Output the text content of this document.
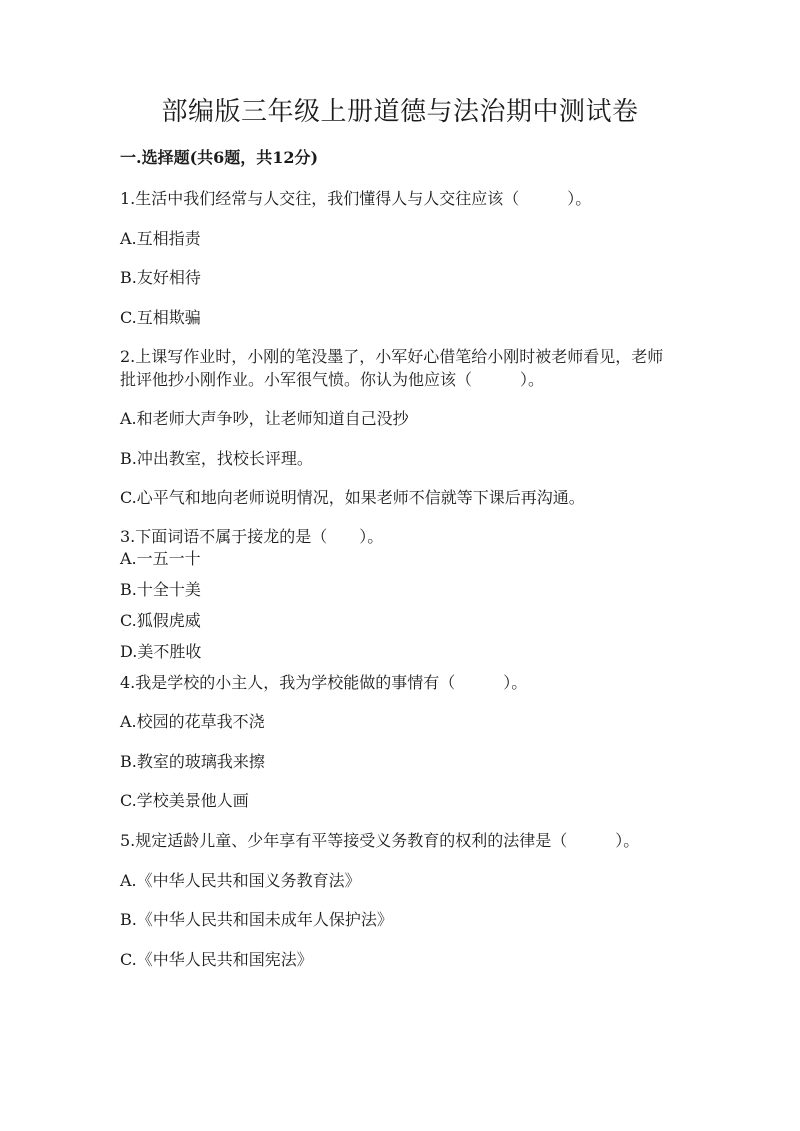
部编版三年级上册道德与法治期中测试卷
一.选择题(共6题，共12分)
1.生活中我们经常与人交往，我们懂得人与人交往应该（　　　）。
A.互相指责
B.友好相待
C.互相欺骗
2.上课写作业时，小刚的笔没墨了，小军好心借笔给小刚时被老师看见，老师
批评他抄小刚作业。小军很气愤。你认为他应该（　　　）。
A.和老师大声争吵，让老师知道自己没抄
B.冲出教室，找校长评理。
C.心平气和地向老师说明情况，如果老师不信就等下课后再沟通。
3.下面词语不属于接龙的是（　　）。
A.一五一十
B.十全十美
C.狐假虎威
D.美不胜收
4.我是学校的小主人，我为学校能做的事情有（　　　）。
A.校园的花草我不浇
B.教室的玻璃我来擦
C.学校美景他人画
5.规定适龄儿童、少年享有平等接受义务教育的权利的法律是（　　　）。
A.《中华人民共和国义务教育法》
B.《中华人民共和国未成年人保护法》
C.《中华人民共和国宪法》
